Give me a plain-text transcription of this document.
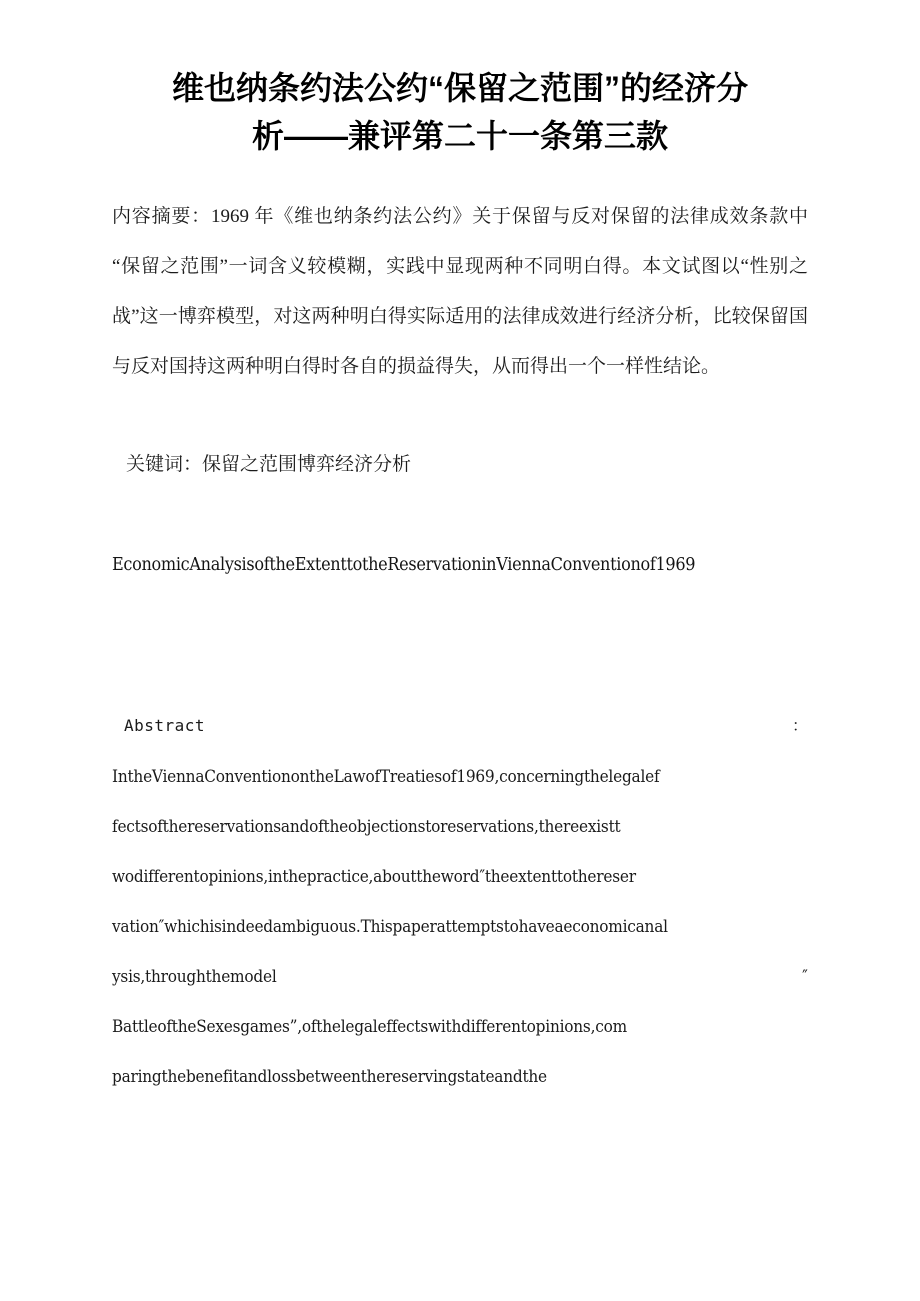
维也纳条约法公约“保留之范围”的经济分
析——兼评第二十一条第三款

内容摘要：1969 年《维也纳条约法公约》关于保留与反对保留的法律成效条款中“保留之范围”一词含义较模糊，实践中显现两种不同明白得。本文试图以“性别之战”这一博弈模型，对这两种明白得实际适用的法律成效进行经济分析，比较保留国与反对国持这两种明白得时各自的损益得失，从而得出一个一样性结论。

关键词：保留之范围博弈经济分析

EconomicAnalysisoftheExtenttotheReservationinViennaConventionof1969

Abstract	：
IntheViennaConventionontheLawofTreatiesof1969,concerningthelegalef
fectsofthereservationsandoftheobjectionstoreservations,thereexistt
wodifferentopinions,inthepractice,abouttheword″theextenttothereser
vation″whichisindeedambiguous.Thispaperattemptstohaveaeconomicanal
ysis,throughthemodel	″
BattleoftheSexesgames”,ofthelegaleffectswithdifferentopinions,com
paringthebenefitandlossbetweenthereservingstateandthe
